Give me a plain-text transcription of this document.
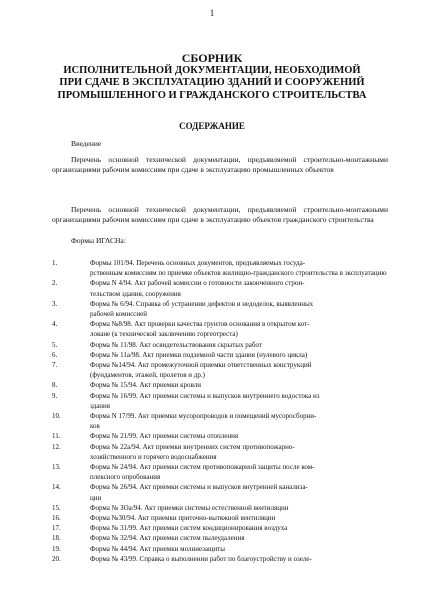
1
СБОРНИК
ИСПОЛНИТЕЛЬНОЙ ДОКУМЕНТАЦИИ, НЕОБХОДИМОЙ
ПРИ СДАЧЕ В ЭКСПЛУАТАЦИЮ ЗДАНИЙ И СООРУЖЕНИЙ
ПРОМЫШЛЕННОГО И ГРАЖДАНСКОГО СТРОИТЕЛЬСТВА
СОДЕРЖАНИЕ
Введение
Перечень основной технической документации, предъявляемой строительно-монтажными организациями рабочим комиссиям при сдаче в эксплуатацию промышленных объектов
Перечень основной технической документации, предъявляемой строительно-монтажными организациями рабочим комиссиям при сдаче в эксплуатацию объектов гражданского строительства
Формы ИГАСНа:
1.	Формы 101/94. Перечень основных документов, предъявляемых госуда-
рственным комиссиям по приемке объектов жилищно-гражданского строительства в эксплуатацию
2.	Форма N 4/94. Акт рабочей комиссии о готовности законченного строи-
тельством здания, сооружения
3.	Форма № 6/94. Справка об устранении дефектов и недоделок, выявленных
рабочей комиссией
4.	Форма №8/98. Акт проверки качества грунтов основания в открытом кот-
ловане (к технической заключению горгеотреста)
5.	Форма № 11/98. Акт освидетельствования скрытых работ
6.	Форма № 11а/98. Акт приемки подземной части здания (нулевого цикла)
7.	Форма №14/94. Акт промежуточной приемки ответственных конструкций
(фундаментов, этажей, пролетов и др.)
8.	Форма № 15/94. Акт приемки кровли
9.	Форма № 16/99. Акт приемки системы и выпусков внутреннего водостока из
здания
10.	Форма N 17/99. Акт приемки мусоропроводов и помещений мусоросборни-
ков
11.	Форма № 21/99. Акт приемки системы отопления
12.	Форма № 22а/94. Акт приемки внутренних систем противопожарно-
хозяйственного и горячего водоснабжения
13.	Форма № 24/94. Акт приемки систем противопожарной защиты после ком-
плексного опробования
14.	Форма № 26/94. Акт приемки системы и выпусков внутренней канализа-
ции
15.	Форма № ЗОа/94. Акт приемки системы естественной вентиляции
16.	Форма №30/94. Акт приемки приточно-вытяжной вентиляции
17.	Форма № 31/99. Акт приемки систем кондиционирования воздуха
18.	Форма № 32/94. Акт приемки систем пылеудаления
19.	Форма № 44/94. Акт приемки молниезащиты
20.	Форма № 43/99. Справка о выполнении работ по благоустройству и озеле-
